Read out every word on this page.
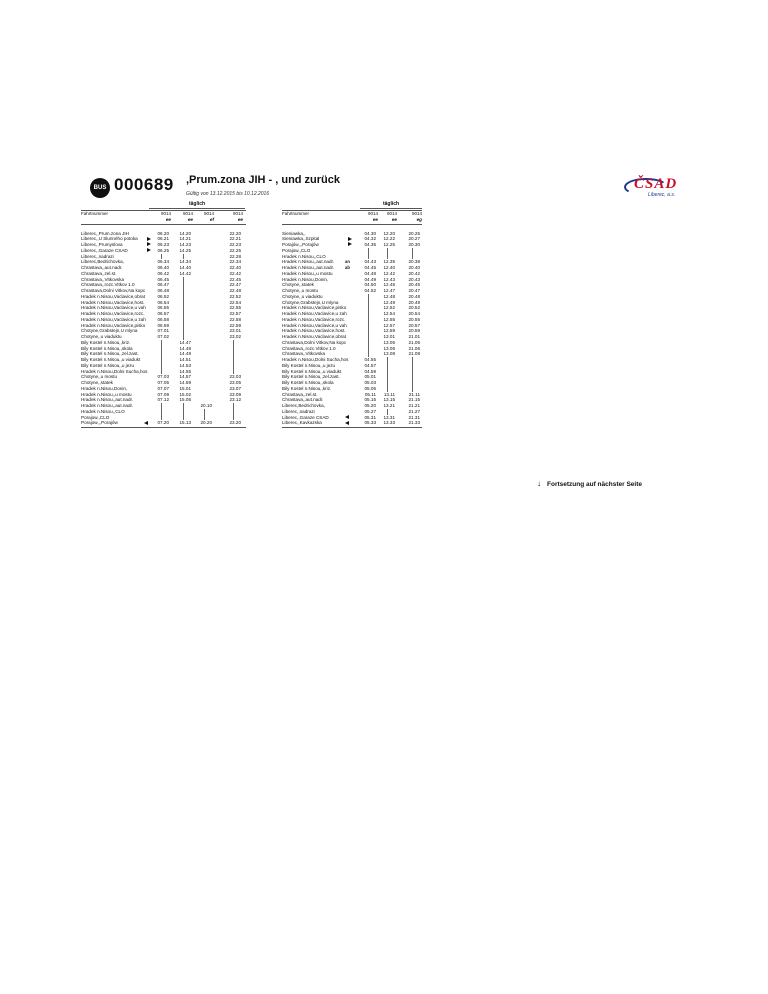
BUS 000689 ,Prum.zona JIH - , und zurück
Gültig von 13.12.2015 bis 10.12.2016
ČSAD
Liberec, a.s.
täglich
Fahrtnummer	9014
ee
9014
ee
9014
ef
9014
ee
Liberec,,Prum.zona JIH
Liberec,,U Slunného potoka
Liberec,,Prumyslova
Liberec,,Garaze CSAD
Liberec,,nadrazi
Liberec,Bedrichovka,
Chrastava,,aut.nadr.
Chrastava,,zel.st.
Chrastava,,Vitkovska
Chrastava,,rozc.Vitkov 1.0
Chrastava,Dolni Vitkov,Na kopc
Hradek n.Nisou,Vaclavice,obrat
Hradek n.Nisou,Vaclavice,host.
Hradek n.Nisou,Vaclavice,u vah
Hradek n.Nisou,Vaclavice,rozc.
Hradek n.Nisou,Vaclavice,u zah
Hradek n.Nisou,Vaclavice,pisko
Chotyne,Grabstejn,U mlyna
Chotyne,,u viaduktu
Bily Kostel n.Nisou,,kriz.
Bily Kostel n.Nisou,,skola
Bily Kostel n.Nisou,,zel.zast.
Bily Kostel n.Nisou,,u viadukt
Bily Kostel n.Nisou,,u jezu
Hradek n.Nisou,Dolni Sucha,hos
Chotyne,,u mostu
Chotyne,,statek
Hradek n.Nisou,Donin,
Hradek n.Nisou,,u mostu
Hradek n.Nisou,,aut.nadr.
Hradek n.Nisou,,aut.nadr.
Hradek n.Nisou,,CLO
Porajow,,CLO
Porajow,,,Porajów
06.20
06.21
06.23
06.25
06.34
06.40
06.42
06.45
06.47
06.48
06.52
06.54
06.55
06.57
06.58
06.59
07.01
07.02
07.03
07.05
07.07
07.09
07.12
07.20
14.20
14.21
14.23
14.25
14.34
14.40
14.42
14.47
14.48
14.49
14.51
14.53
14.55
14.57
14.59
15.01
15.02
15.05
15.13
20.10
20.20
22.20
22.21
22.23
22.25
22.28
22.34
22.40
22.42
22.45
22.47
22.48
22.52
22.54
22.55
22.57
22.58
22.59
23.01
23.02
23.03
23.05
23.07
23.09
23.12
23.20
täglich
Fahrtnummer	9014
ee
9014
ee
9014
eg
Sieniawka,,
Sieniawka,,Szpital
Porajów,,,Porajów
Porajow,,CLO
Hradek n.Nisou,,CLO
Hradek n.Nisou,,aut.nadr.
Hradek n.Nisou,,aut.nadr.
Hradek n.Nisou,,u mostu
Hradek n.Nisou,Donin,
Chotyne,,statek
Chotyne,,u mostu
Chotyne,,u viaduktu
Chotyne,Grabstejn,U mlyna
Hradek n.Nisou,Vaclavice,pisko
Hradek n.Nisou,Vaclavice,u zah
Hradek n.Nisou,Vaclavice,rozc.
Hradek n.Nisou,Vaclavice,u vah
Hradek n.Nisou,Vaclavice,host.
Hradek n.Nisou,Vaclavice,obrat
Chrastava,Dolni Vitkov,Na kopc
Chrastava,,rozc.Vitkov 1.0
Chrastava,,Vitkovska
Hradek n.Nisou,Dolni Sucha,hos
Bily Kostel n.Nisou,,u jezu
Bily Kostel n.Nisou,,u viadukt
Bily Kostel n.Nisou,,zel.zast.
Bily Kostel n.Nisou,,skola
Bily Kostel n.Nisou,,kriz.
Chrastava,,zel.st.
Chrastava,,aut.nadr.
Liberec,Bedrichovka,
Liberec,,nadrazi
Liberec,,Garaze CSAD
Liberec,,Kavkazska
04.30
04.32
04.35
04.43
04.45
04.48
04.49
04.50
04.52
04.55
04.57
04.59
05.01
05.03
05.05
05.11
05.15
05.20
05.27
05.31
05.33
12.20
12.22
12.25
12.35
12.40
12.42
12.43
12.45
12.47
12.48
12.49
12.52
12.54
12.55
12.57
12.59
13.01
13.05
13.06
13.08
13.11
13.15
13.21
13.31
13.33
20.25
20.27
20.30
20.38
20.40
20.42
20.43
20.45
20.47
20.48
20.49
20.52
20.54
20.55
20.57
20.59
21.01
21.05
21.06
21.08
21.11
21.15
21.21
21.27
21.31
21.33
an
ab
↓ Fortsetzung auf nächster Seite
